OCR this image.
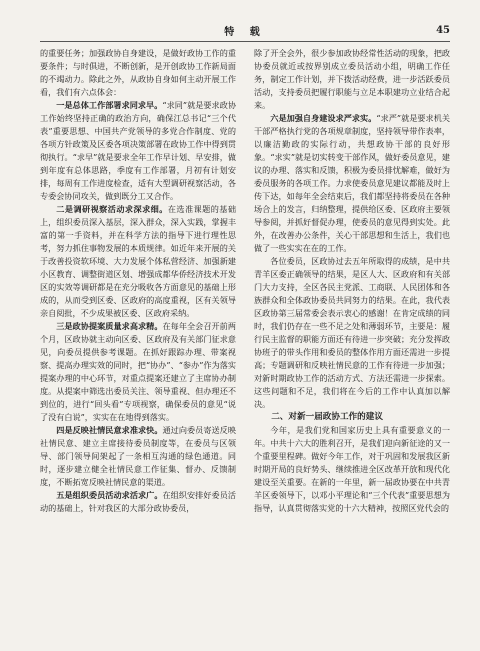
特 载	45

的重要任务；加强政协自身建设，是做好政协工作的重要条件；与时俱进，不断创新，是开创政协工作新局面的不竭动力。除此之外，从政协自身如何主动开展工作看，我们有六点体会：

一是总体工作部署求同求早。“求同”就是要求政协工作始终坚持正确的政治方向，确保江总书记“三个代表”重要思想、中国共产党领导的多党合作制度、党的各项方针政策及区委各项决策部署在政协工作中得到贯彻执行。“求早”就是要求全年工作早计划、早安排，做到年度有总体思路，季度有工作部署，月初有计划安排，每周有工作进度检查，适有大型调研视察活动，各专委会协同攻关，做到既分工又合作。

二是调研视察活动求深求细。在选准课题的基础上，组织委员深入基层，深入群众，深入实践，掌握丰富的第一手资料，并在科学方法的指导下进行理性思考，努力抓住事物发展的本质规律。如近年来开展的关于改善投资软环境、大力发展个体私营经济、加强新建小区教育、调整街道区划、增强成都华侨经济技术开发区的实效等调研都是在充分吸收各方面意见的基础上形成的，从而受到区委、区政府的高度重视，区有关领导亲自阅批，不少成果被区委、区政府采纳。

三是政协提案质量求高求精。在每年全会召开前两个月，区政协就主动向区委、区政府及有关部门征求意见，向委员提供参考课题。在抓好跟踪办理、带案视察、提高办理实效的同时，把“协办”、“参办”作为落实提案办理的中心环节，对重点提案还建立了主席协办制度。从提案中筛选出委员关注、领导重视、但办理还不到位的，进行“回头看”专项视察，确保委员的意见“说了没有白说”，实实在在地得到落实。

四是反映社情民意求准求快。通过向委员寄送反映社情民意、建立主席接待委员制度等，在委员与区领导、部门领导间架起了一条相互沟通的绿色通道。同时，逐步建立健全社情民意工作征集、督办、反馈制度，不断拓宽反映社情民意的渠道。

五是组织委员活动求活求广。在组织安排好委员活动的基础上，针对我区的大部分政协委员，

除了开全会外，很少参加政协经常性活动的现象，把政协委员就近或按界别成立委员活动小组，明确工作任务，制定工作计划，并下拨活动经费，进一步活跃委员活动，支持委员把履行职能与立足本职建功立业结合起来。

六是加强自身建设求严求实。“求严”就是要求机关干部严格执行党的各项规章制度，坚持领导带作表率，以廉洁勤政的实际行动，共想政协干部的良好形象。“求实”就是切实转变干部作风，做好委员意见，建议的办理、落实和反馈，积极为委员排忧解难，做好为委员服务的各项工作。力求使委员意见建议都能及时上传下达，如每年全会结束后，我们都坚持将委员在各种场合上的发言，归纳整理，提供给区委、区政府主要领导参阅，并抓好督促办理，使委员的意见得到实处。此外，在改善办公条件，关心干部思想和生活上，我们也做了一些实实在在的工作。

各位委员，区政协过去五年所取得的成绩，是中共青羊区委正确领导的结果，是区人大、区政府和有关部门大力支持，全区各民主党派、工商联、人民团体和各族群众和全体政协委员共同努力的结果。在此，我代表区政协第三届常委会表示衷心的感谢！在肯定成绩的同时，我们仍存在一些不足之处和薄弱环节，主要是：履行民主监督的职能方面还有待进一步突破；充分发挥政协班子的带头作用和委员的整体作用方面还需进一步提高；专题调研和反映社情民意的工作有待进一步加强；对新时期政协工作的活动方式、方法还需进一步探索。这些问题和不足，我们将在今后的工作中认真加以解决。

二、对新一届政协工作的建议

今年，是我们党和国家历史上具有重要意义的一年。中共十六大的胜利召开，是我们迎向新征途的又一个重要里程碑。做好今年工作，对于巩固和发展我区新时期开局的良好势头、继续推进全区改革开放和现代化建设至关重要。在新的一年里，新一届政协要在中共青羊区委领导下，以邓小平理论和“三个代表”重要思想为指导，认真贯彻落实党的十六大精神，按照区党代会的
